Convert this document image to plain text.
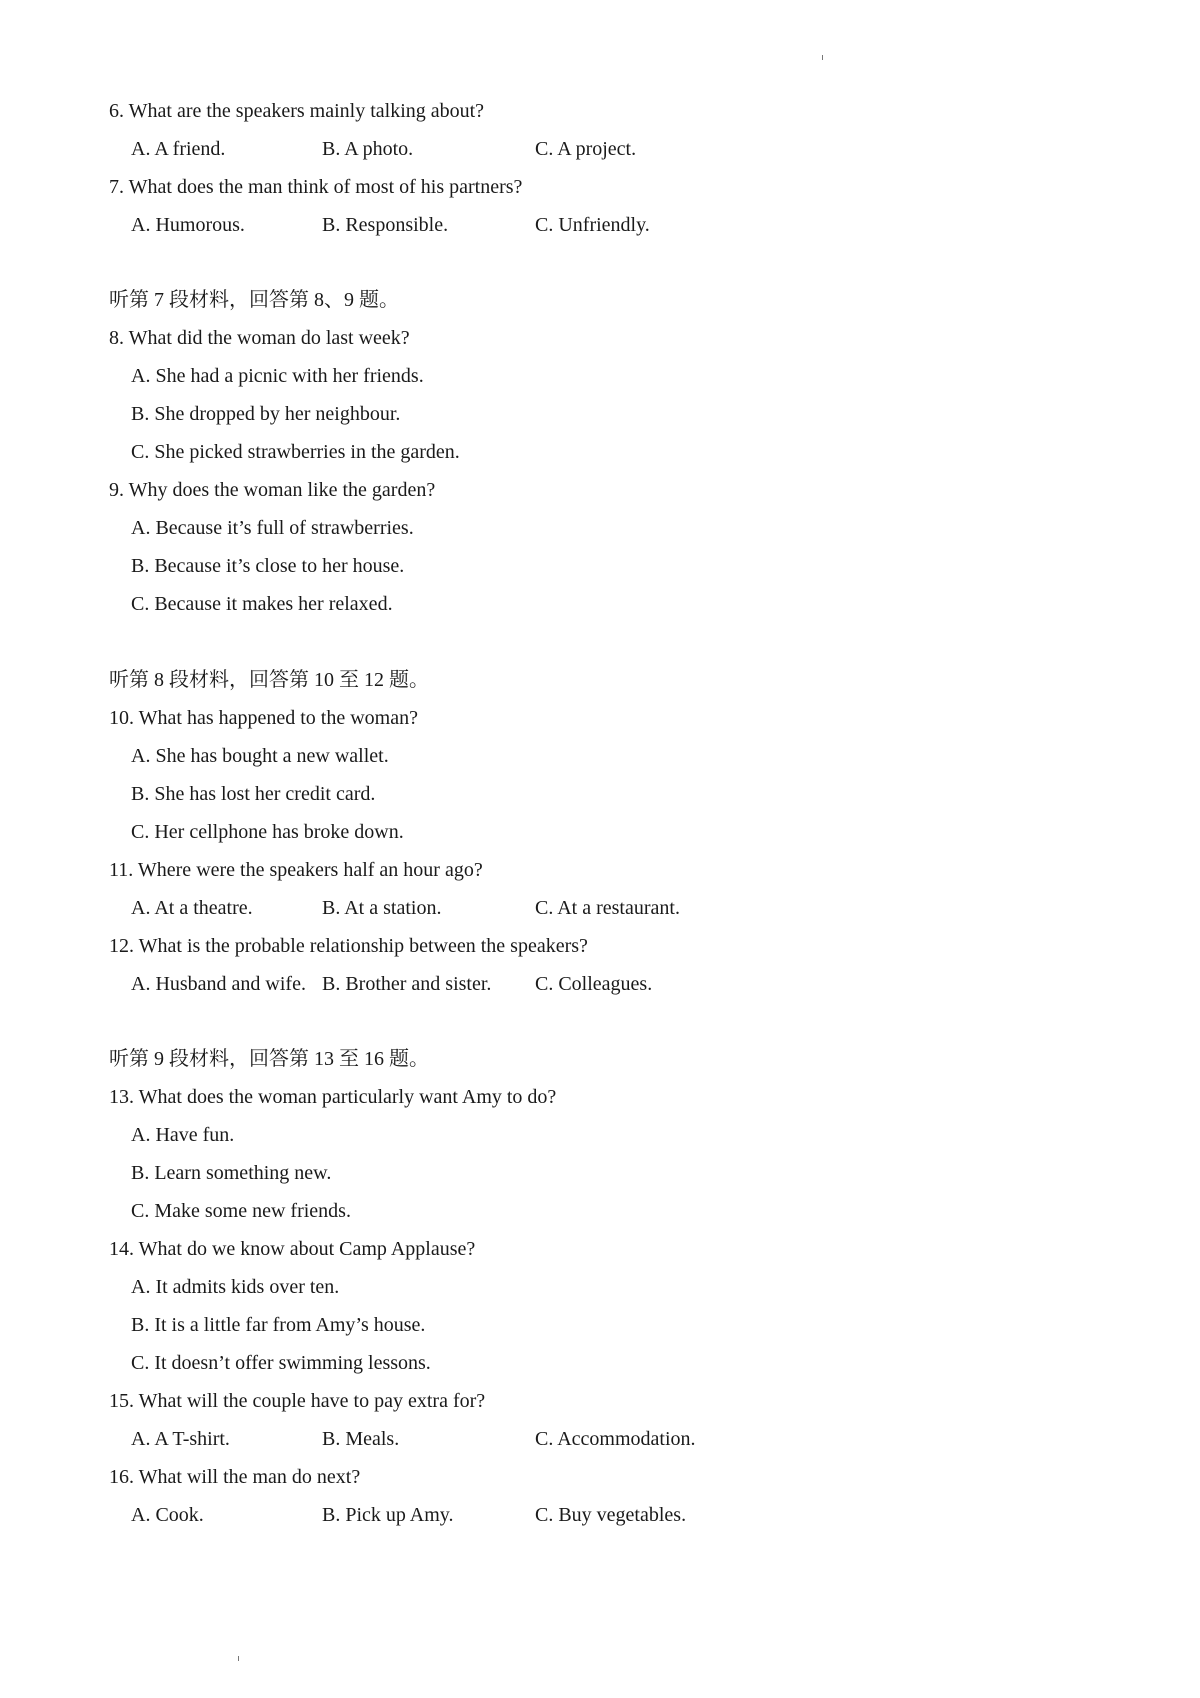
6. What are the speakers mainly talking about?
A. A friend.	B. A photo.	C. A project.
7. What does the man think of most of his partners?
A. Humorous.	B. Responsible.	C. Unfriendly.
听第 7 段材料，回答第 8、9 题。
8. What did the woman do last week?
A. She had a picnic with her friends.
B. She dropped by her neighbour.
C. She picked strawberries in the garden.
9. Why does the woman like the garden?
A. Because it’s full of strawberries.
B. Because it’s close to her house.
C. Because it makes her relaxed.
听第 8 段材料，回答第 10 至 12 题。
10. What has happened to the woman?
A. She has bought a new wallet.
B. She has lost her credit card.
C. Her cellphone has broke down.
11. Where were the speakers half an hour ago?
A. At a theatre.	B. At a station.	C. At a restaurant.
12. What is the probable relationship between the speakers?
A. Husband and wife. B. Brother and sister. C. Colleagues.
听第 9 段材料，回答第 13 至 16 题。
13. What does the woman particularly want Amy to do?
A. Have fun.
B. Learn something new.
C. Make some new friends.
14. What do we know about Camp Applause?
A. It admits kids over ten.
B. It is a little far from Amy’s house.
C. It doesn’t offer swimming lessons.
15. What will the couple have to pay extra for?
A. A T-shirt.	B. Meals.	C. Accommodation.
16. What will the man do next?
A. Cook.	B. Pick up Amy.	C. Buy vegetables.
